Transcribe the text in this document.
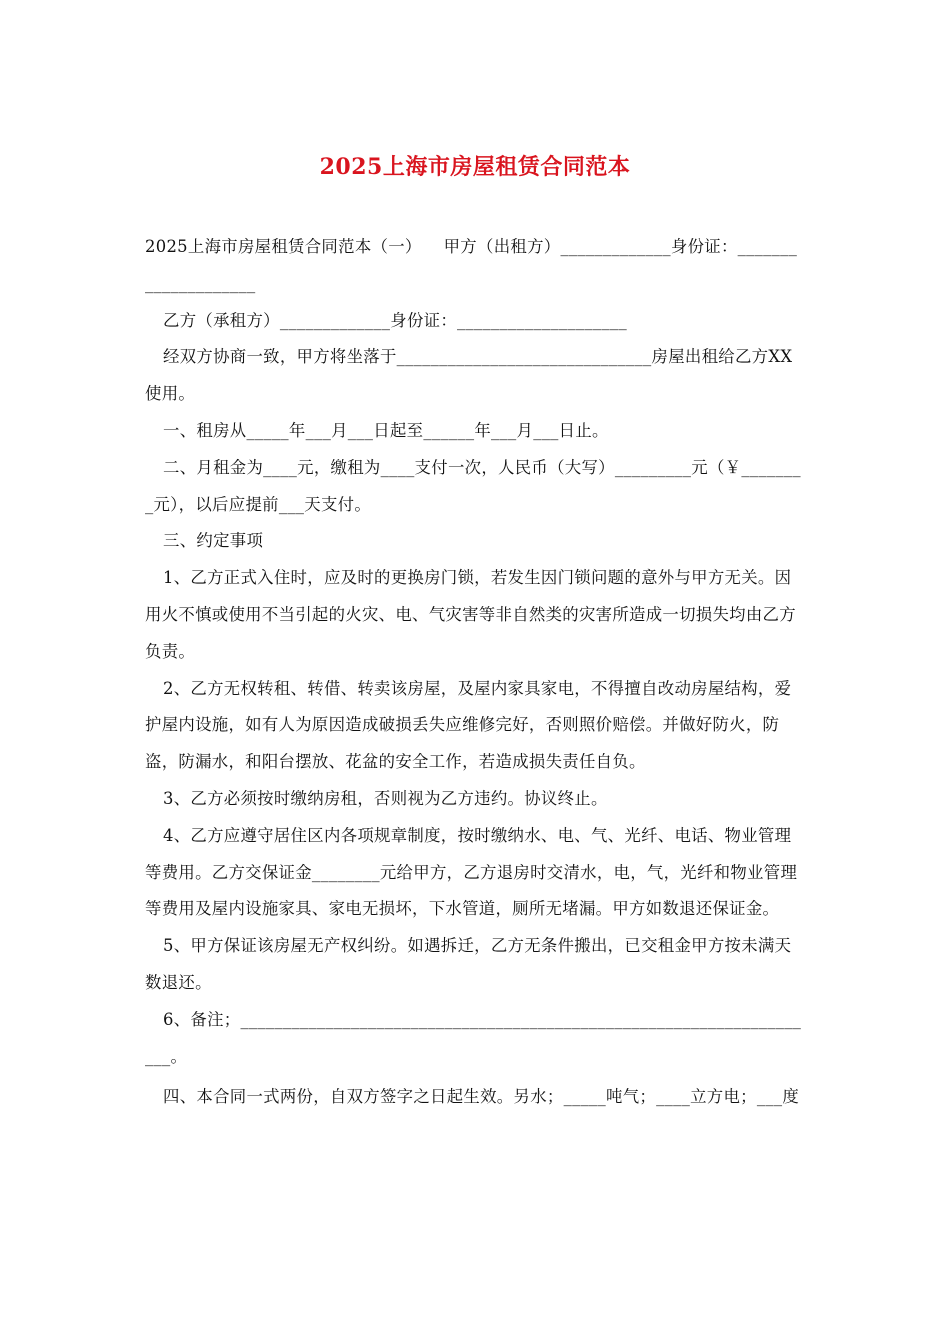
2025上海市房屋租赁合同范本

2025上海市房屋租赁合同范本（一）    甲方（出租方）_____________身份证：____________________

乙方（承租方）_____________身份证：____________________

经双方协商一致，甲方将坐落于______________________________房屋出租给乙方XX使用。

一、租房从_____年___月___日起至______年___月___日止。

二、月租金为____元，缴租为____支付一次，人民币（大写）_________元（￥________元），以后应提前___天支付。

三、约定事项

1、乙方正式入住时，应及时的更换房门锁，若发生因门锁问题的意外与甲方无关。因用火不慎或使用不当引起的火灾、电、气灾害等非自然类的灾害所造成一切损失均由乙方负责。

2、乙方无权转租、转借、转卖该房屋，及屋内家具家电，不得擅自改动房屋结构，爱护屋内设施，如有人为原因造成破损丢失应维修完好，否则照价赔偿。并做好防火，防盗，防漏水，和阳台摆放、花盆的安全工作，若造成损失责任自负。

3、乙方必须按时缴纳房租，否则视为乙方违约。协议终止。

4、乙方应遵守居住区内各项规章制度，按时缴纳水、电、气、光纤、电话、物业管理等费用。乙方交保证金________元给甲方，乙方退房时交清水，电，气，光纤和物业管理等费用及屋内设施家具、家电无损坏，下水管道，厕所无堵漏。甲方如数退还保证金。

5、甲方保证该房屋无产权纠纷。如遇拆迁，乙方无条件搬出，已交租金甲方按未满天数退还。

6、备注；_____________________________________________________________________。

四、本合同一式两份，自双方签字之日起生效。另水；_____吨气；____立方电；___度
